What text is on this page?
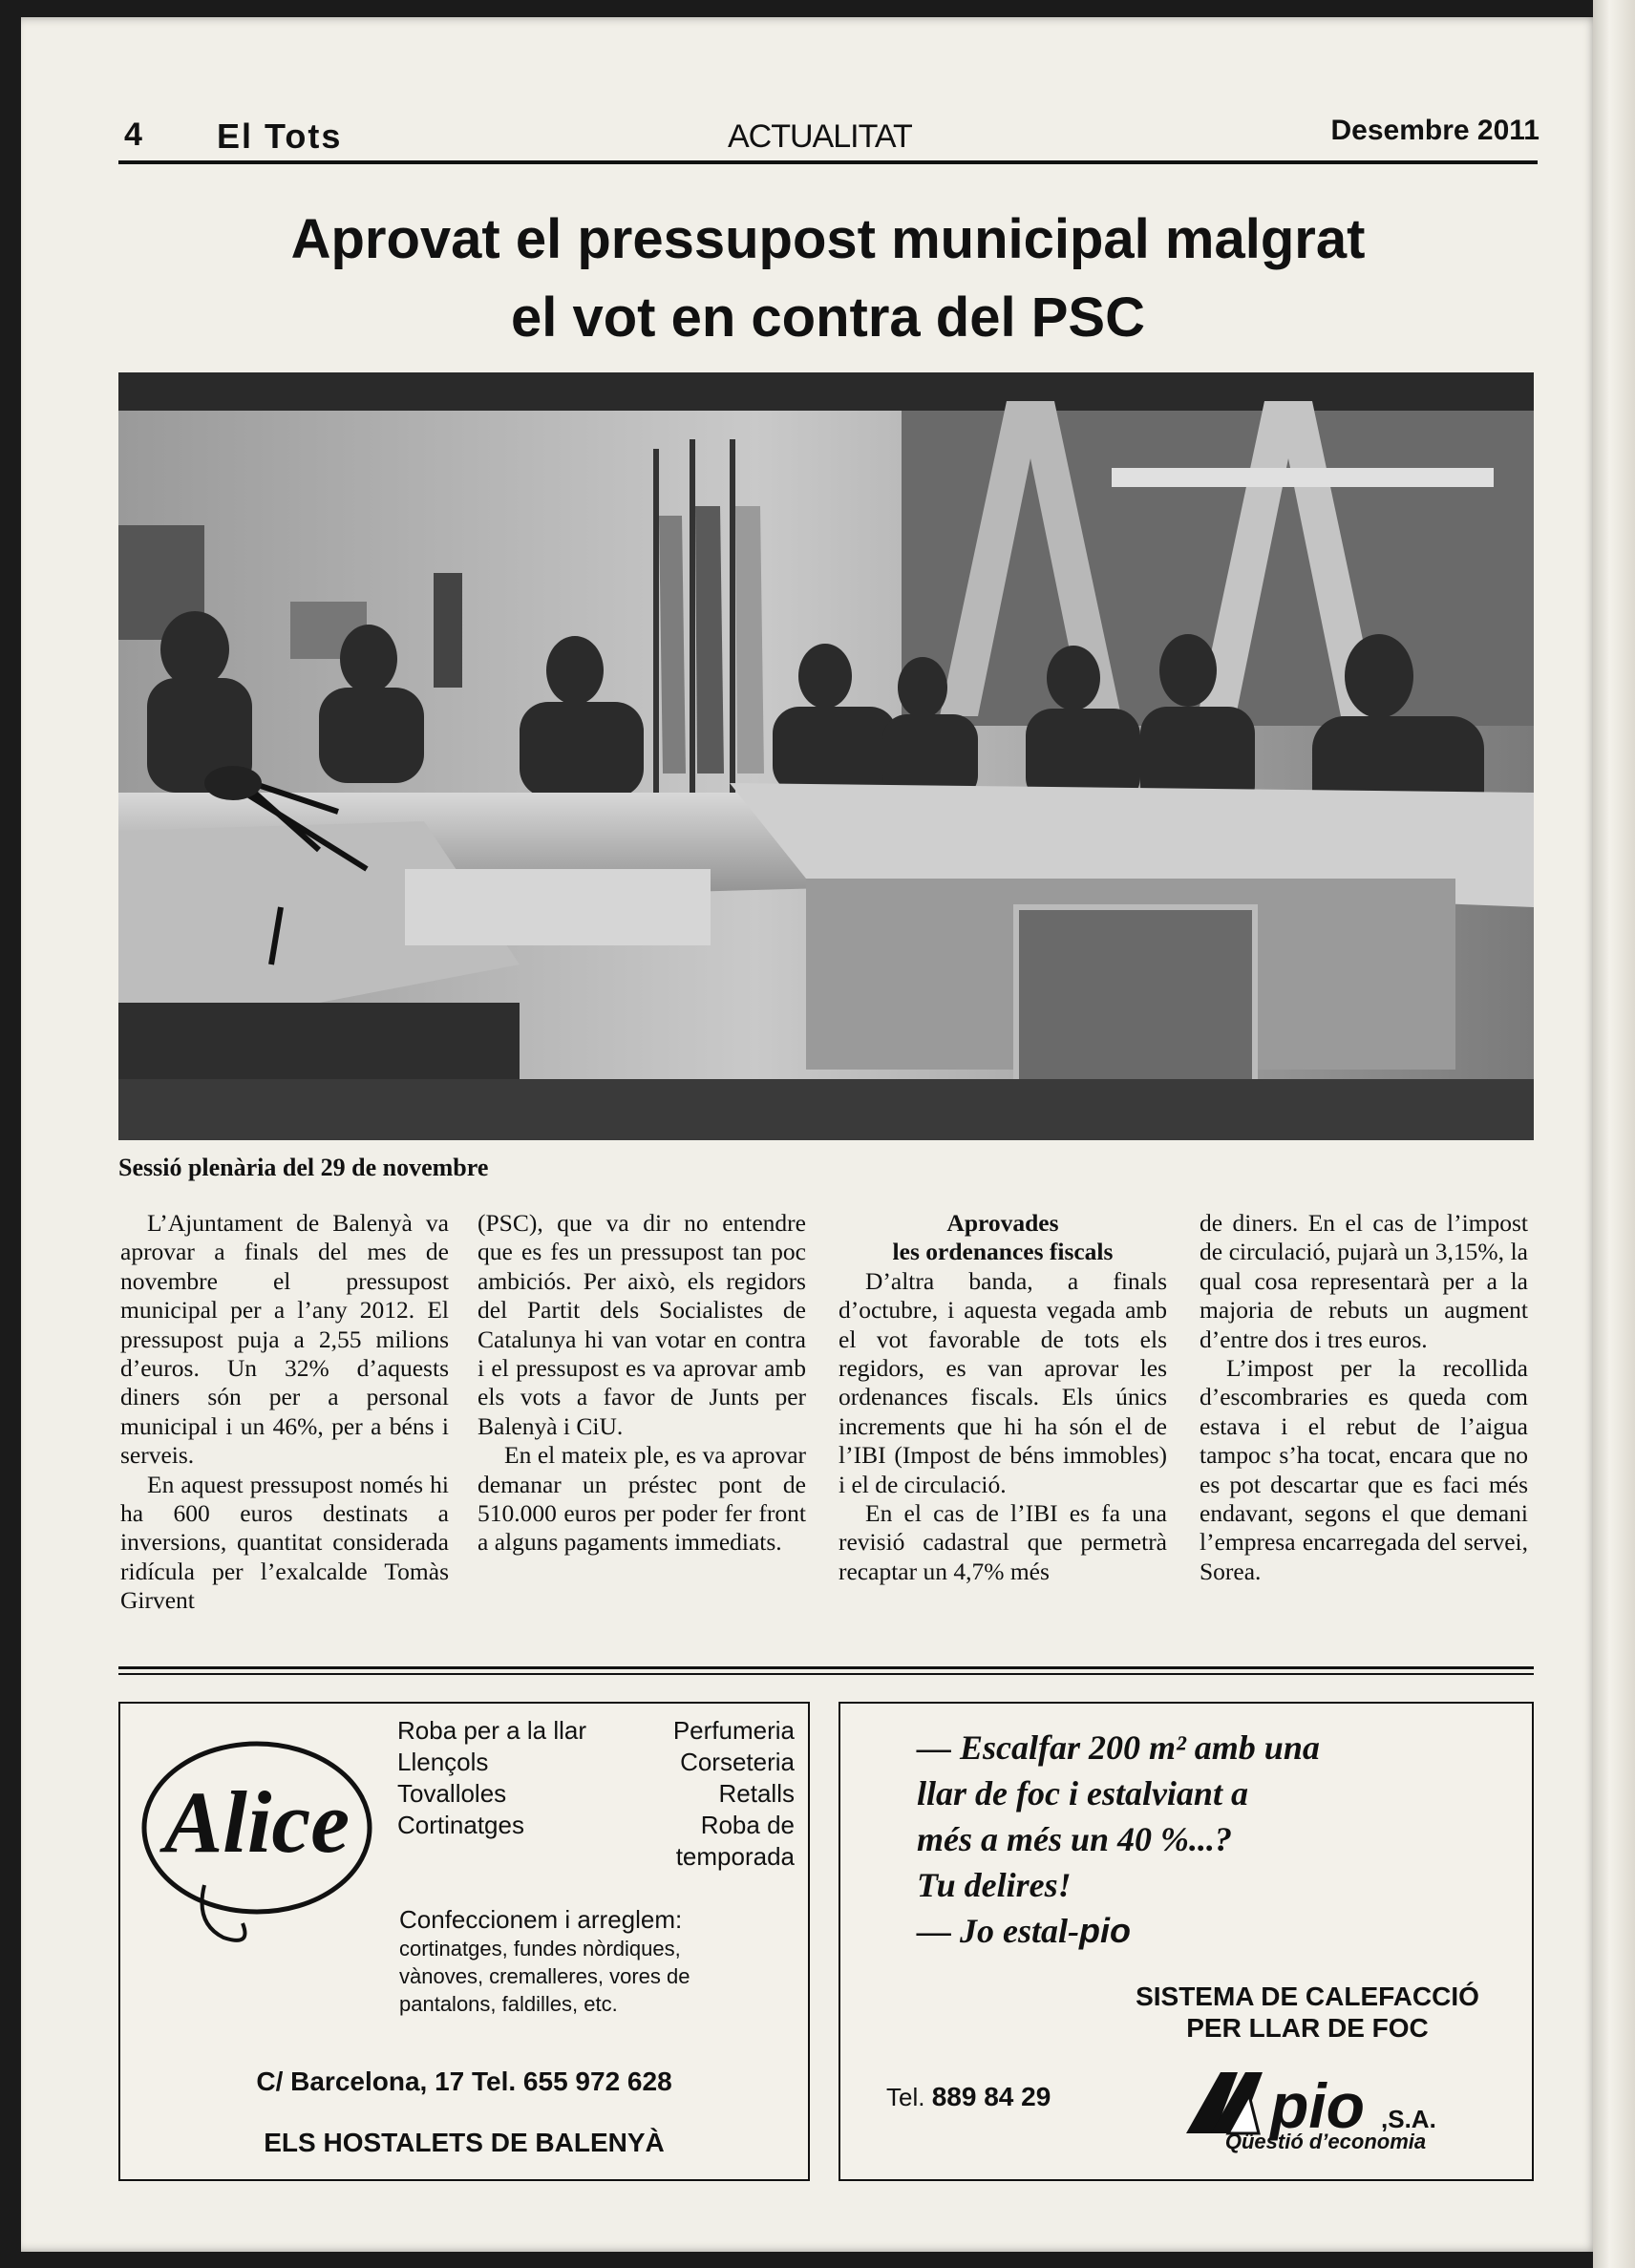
4 El Tots	ACTUALITAT	Desembre 2011
Aprovat el pressupost municipal malgrat
el vot en contra del PSC
Sessió plenària del 29 de novembre

L’Ajuntament de Balenyà va aprovar a finals del mes de novembre el pressupost municipal per a l’any 2012. El pressupost puja a 2,55 milions d’euros. Un 32% d’aquests diners són per a personal municipal i un 46%, per a béns i serveis.

En aquest pressupost només hi ha 600 euros destinats a inversions, quantitat considerada ridícula per l’exalcalde Tomàs Girvent

(PSC), que va dir no entendre que es fes un pressupost tan poc ambiciós. Per això, els regidors del Partit dels Socialistes de Catalunya hi van votar en contra i el pressupost es va aprovar amb els vots a favor de Junts per Balenyà i CiU.

En el mateix ple, es va aprovar demanar un préstec pont de 510.000 euros per poder fer front a alguns pagaments immediats.

Aprovades
les ordenances fiscals

D’altra banda, a finals d’octubre, i aquesta vegada amb el vot favorable de tots els regidors, es van aprovar les ordenances fiscals. Els únics increments que hi ha són el de l’IBI (Impost de béns immobles) i el de circulació.

En el cas de l’IBI es fa una revisió cadastral que permetrà recaptar un 4,7% més

de diners. En el cas de l’impost de circulació, pujarà un 3,15%, la qual cosa representarà per a la majoria de rebuts un augment d’entre dos i tres euros.

L’impost per la recollida d’escombraries es queda com estava i el rebut de l’aigua tampoc s’ha tocat, encara que no es pot descartar que es faci més endavant, segons el que demani l’empresa encarregada del servei, Sorea.

Alice
Roba per a la llar
Llençols
Tovalloles
Cortinatges
Perfumeria
Corseteria
Retalls
Roba de
temporada
Confeccionem i arreglem:
cortinatges, fundes nòrdiques,
vànoves, cremalleres, vores de
pantalons, faldilles, etc.
C/ Barcelona, 17 Tel. 655 972 628
ELS HOSTALETS DE BALENYÀ
— Escalfar 200 m² amb una
llar de foc i estalviant a
més a més un 40 %...?
Tu delires!
— Jo estal-pio
SISTEMA DE CALEFACCIÓ
PER LLAR DE FOC
Tel. 889 84 29	pio ,S.A.
Qüestió d’economia
